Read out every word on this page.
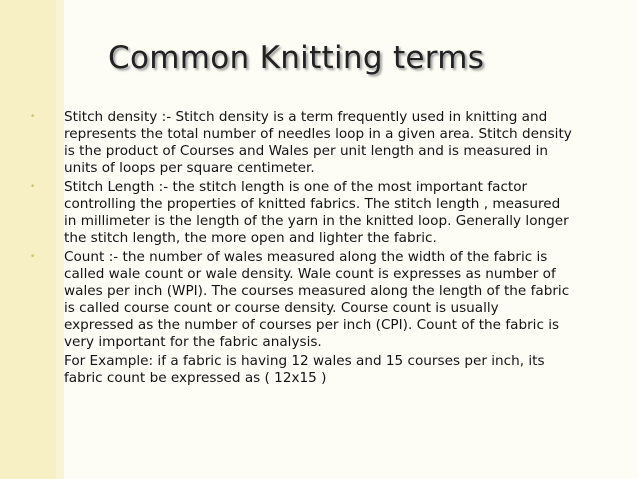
Common Knitting terms
• Stitch density :- Stitch density is a term frequently used in knitting and
represents the total number of needles loop in a given area. Stitch density
is the product of Courses and Wales per unit length and is measured in
units of loops per square centimeter.
• Stitch Length :- the stitch length is one of the most important factor
controlling the properties of knitted fabrics. The stitch length , measured
in millimeter is the length of the yarn in the knitted loop. Generally longer
the stitch length, the more open and lighter the fabric.
• Count :- the number of wales measured along the width of the fabric is
called wale count or wale density. Wale count is expresses as number of
wales per inch (WPI). The courses measured along the length of the fabric
is called course count or course density. Course count is usually
expressed as the number of courses per inch (CPI). Count of the fabric is
very important for the fabric analysis.
For Example: if a fabric is having 12 wales and 15 courses per inch, its
fabric count be expressed as ( 12x15 )
